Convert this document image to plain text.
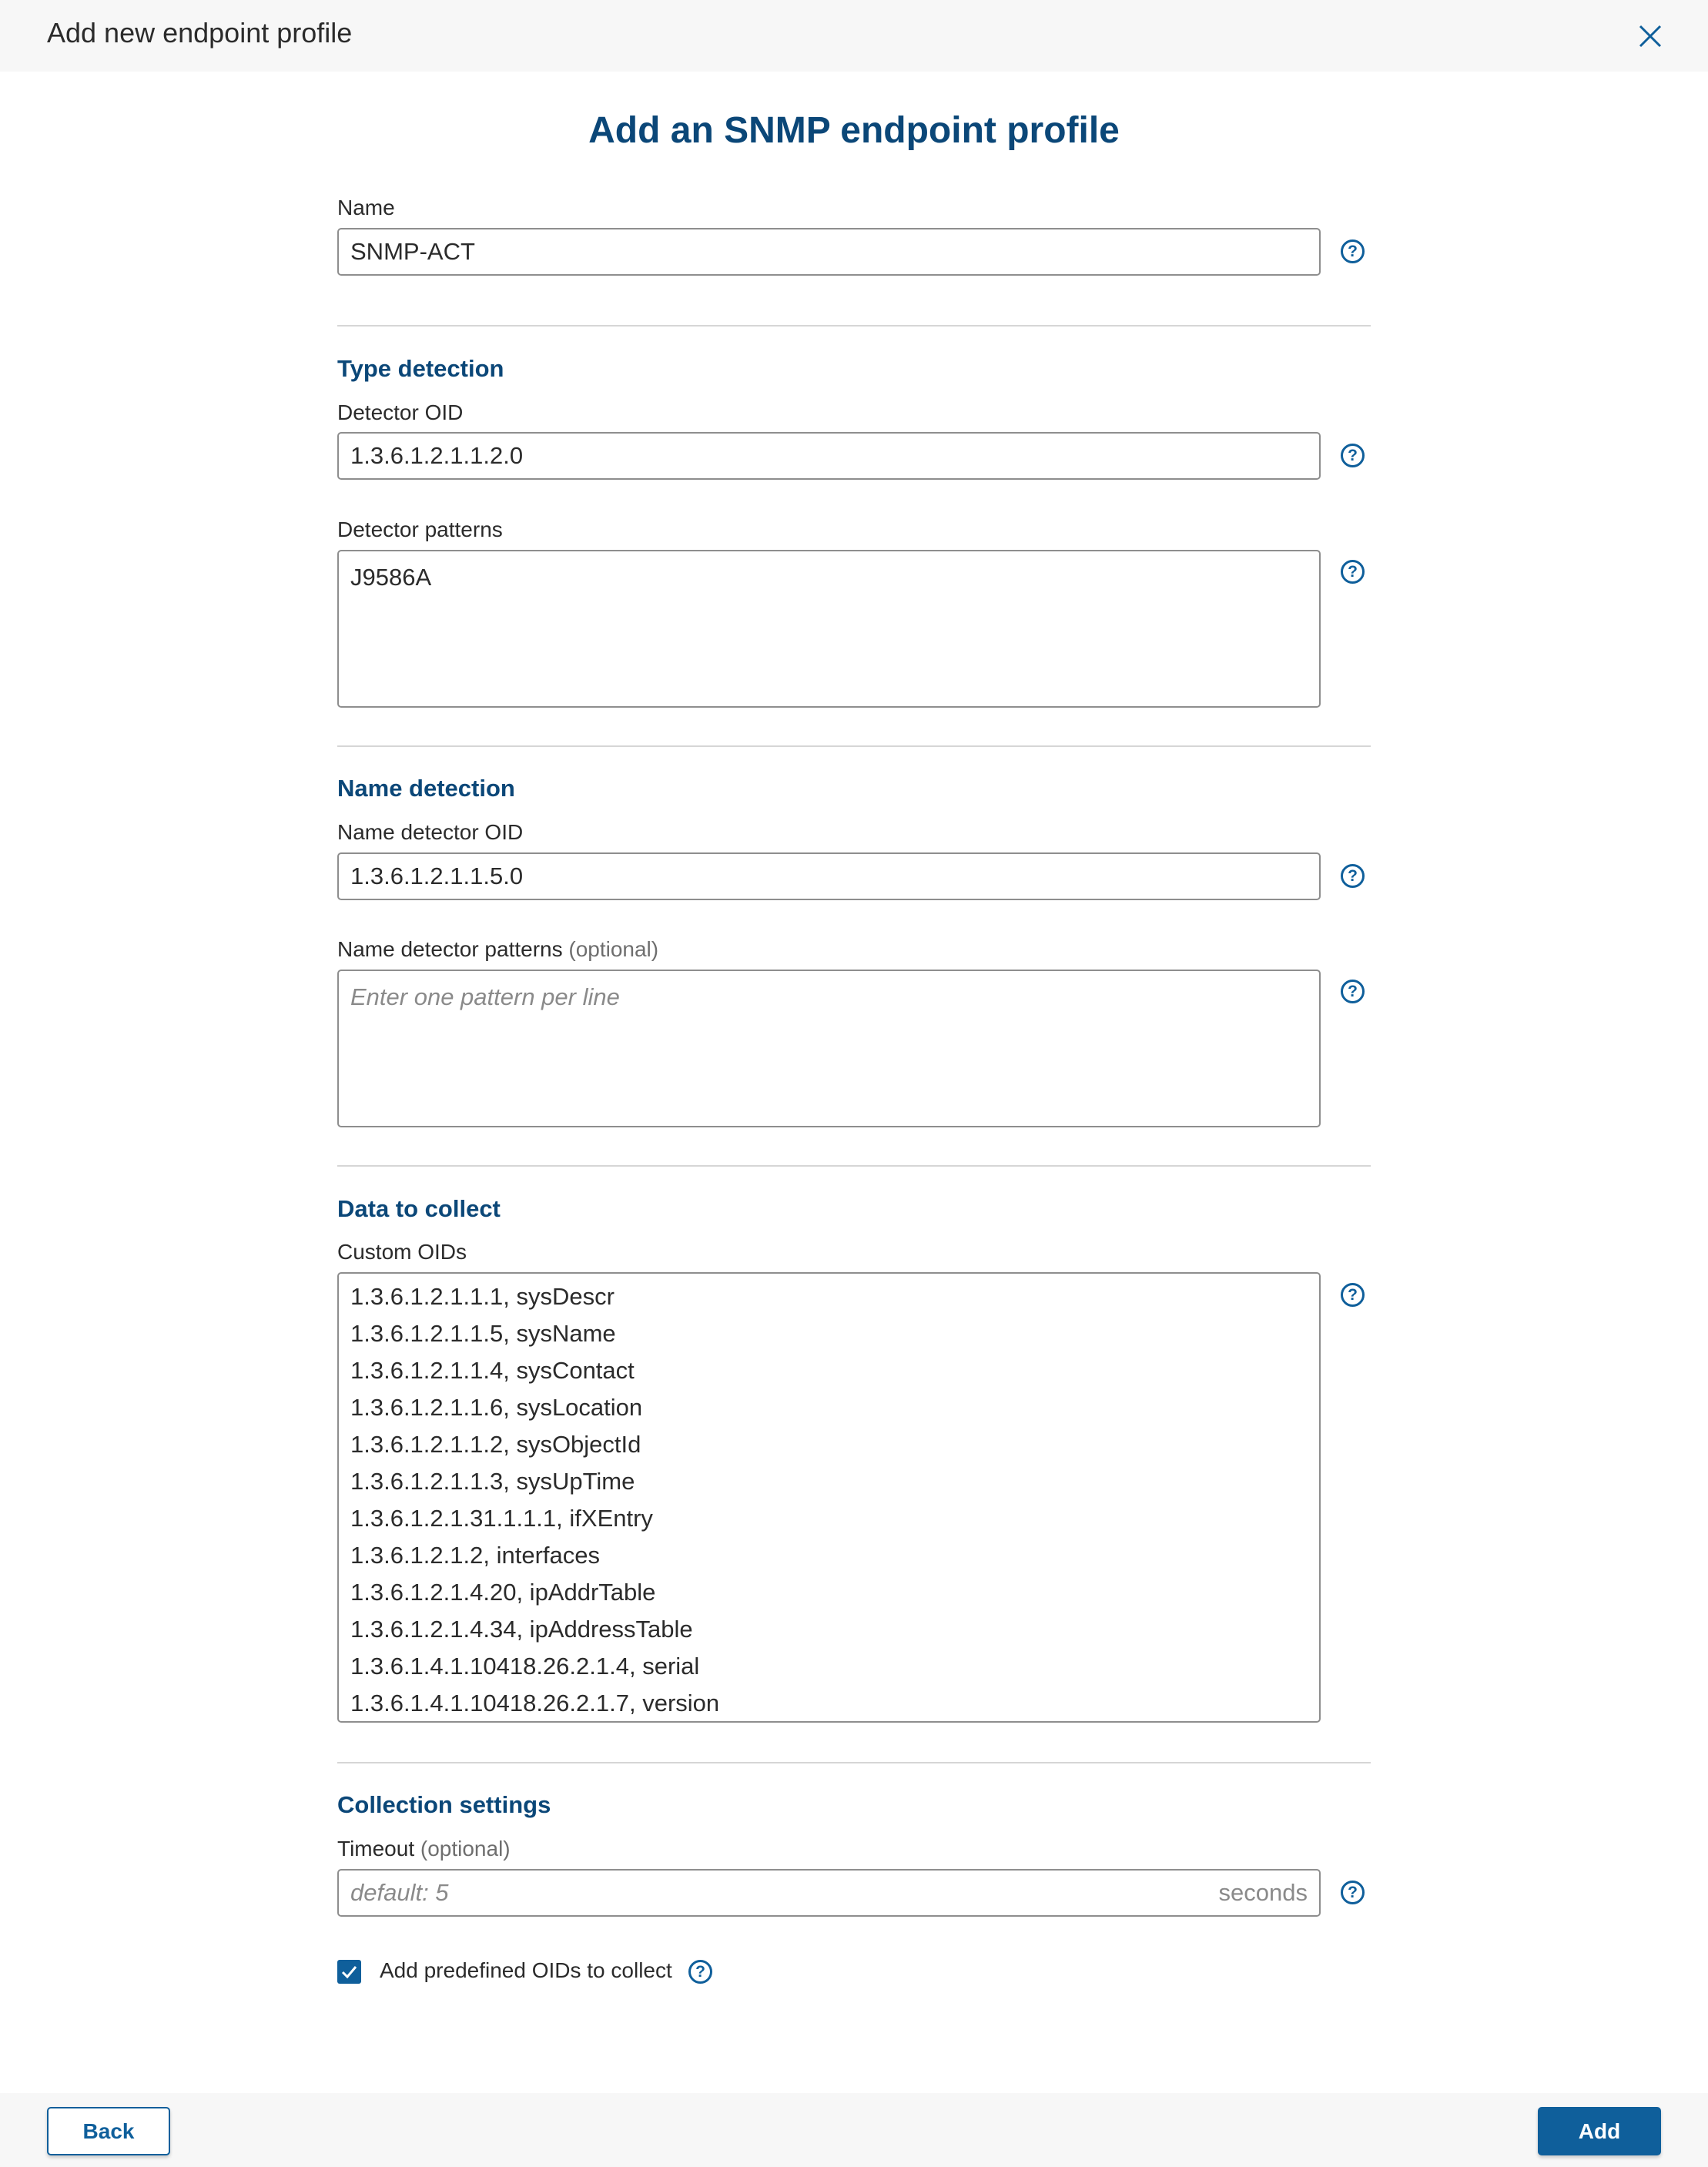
Add new endpoint profile
Add an SNMP endpoint profile
Name
SNMP-ACT	?
Type detection
Detector OID
1.3.6.1.2.1.1.2.0	?
Detector patterns
J9586A	?
Name detection
Name detector OID
1.3.6.1.2.1.1.5.0	?
Name detector patterns (optional)
Enter one pattern per line	?
Data to collect
Custom OIDs
1.3.6.1.2.1.1.1, sysDescr
1.3.6.1.2.1.1.5, sysName
1.3.6.1.2.1.1.4, sysContact
1.3.6.1.2.1.1.6, sysLocation
1.3.6.1.2.1.1.2, sysObjectId
1.3.6.1.2.1.1.3, sysUpTime
1.3.6.1.2.1.31.1.1.1, ifXEntry
1.3.6.1.2.1.2, interfaces
1.3.6.1.2.1.4.20, ipAddrTable
1.3.6.1.2.1.4.34, ipAddressTable
1.3.6.1.4.1.10418.26.2.1.4, serial
1.3.6.1.4.1.10418.26.2.1.7, version
?
Collection settings
Timeout (optional)
default: 5	seconds	?
Add predefined OIDs to collect	?
Back	Add
